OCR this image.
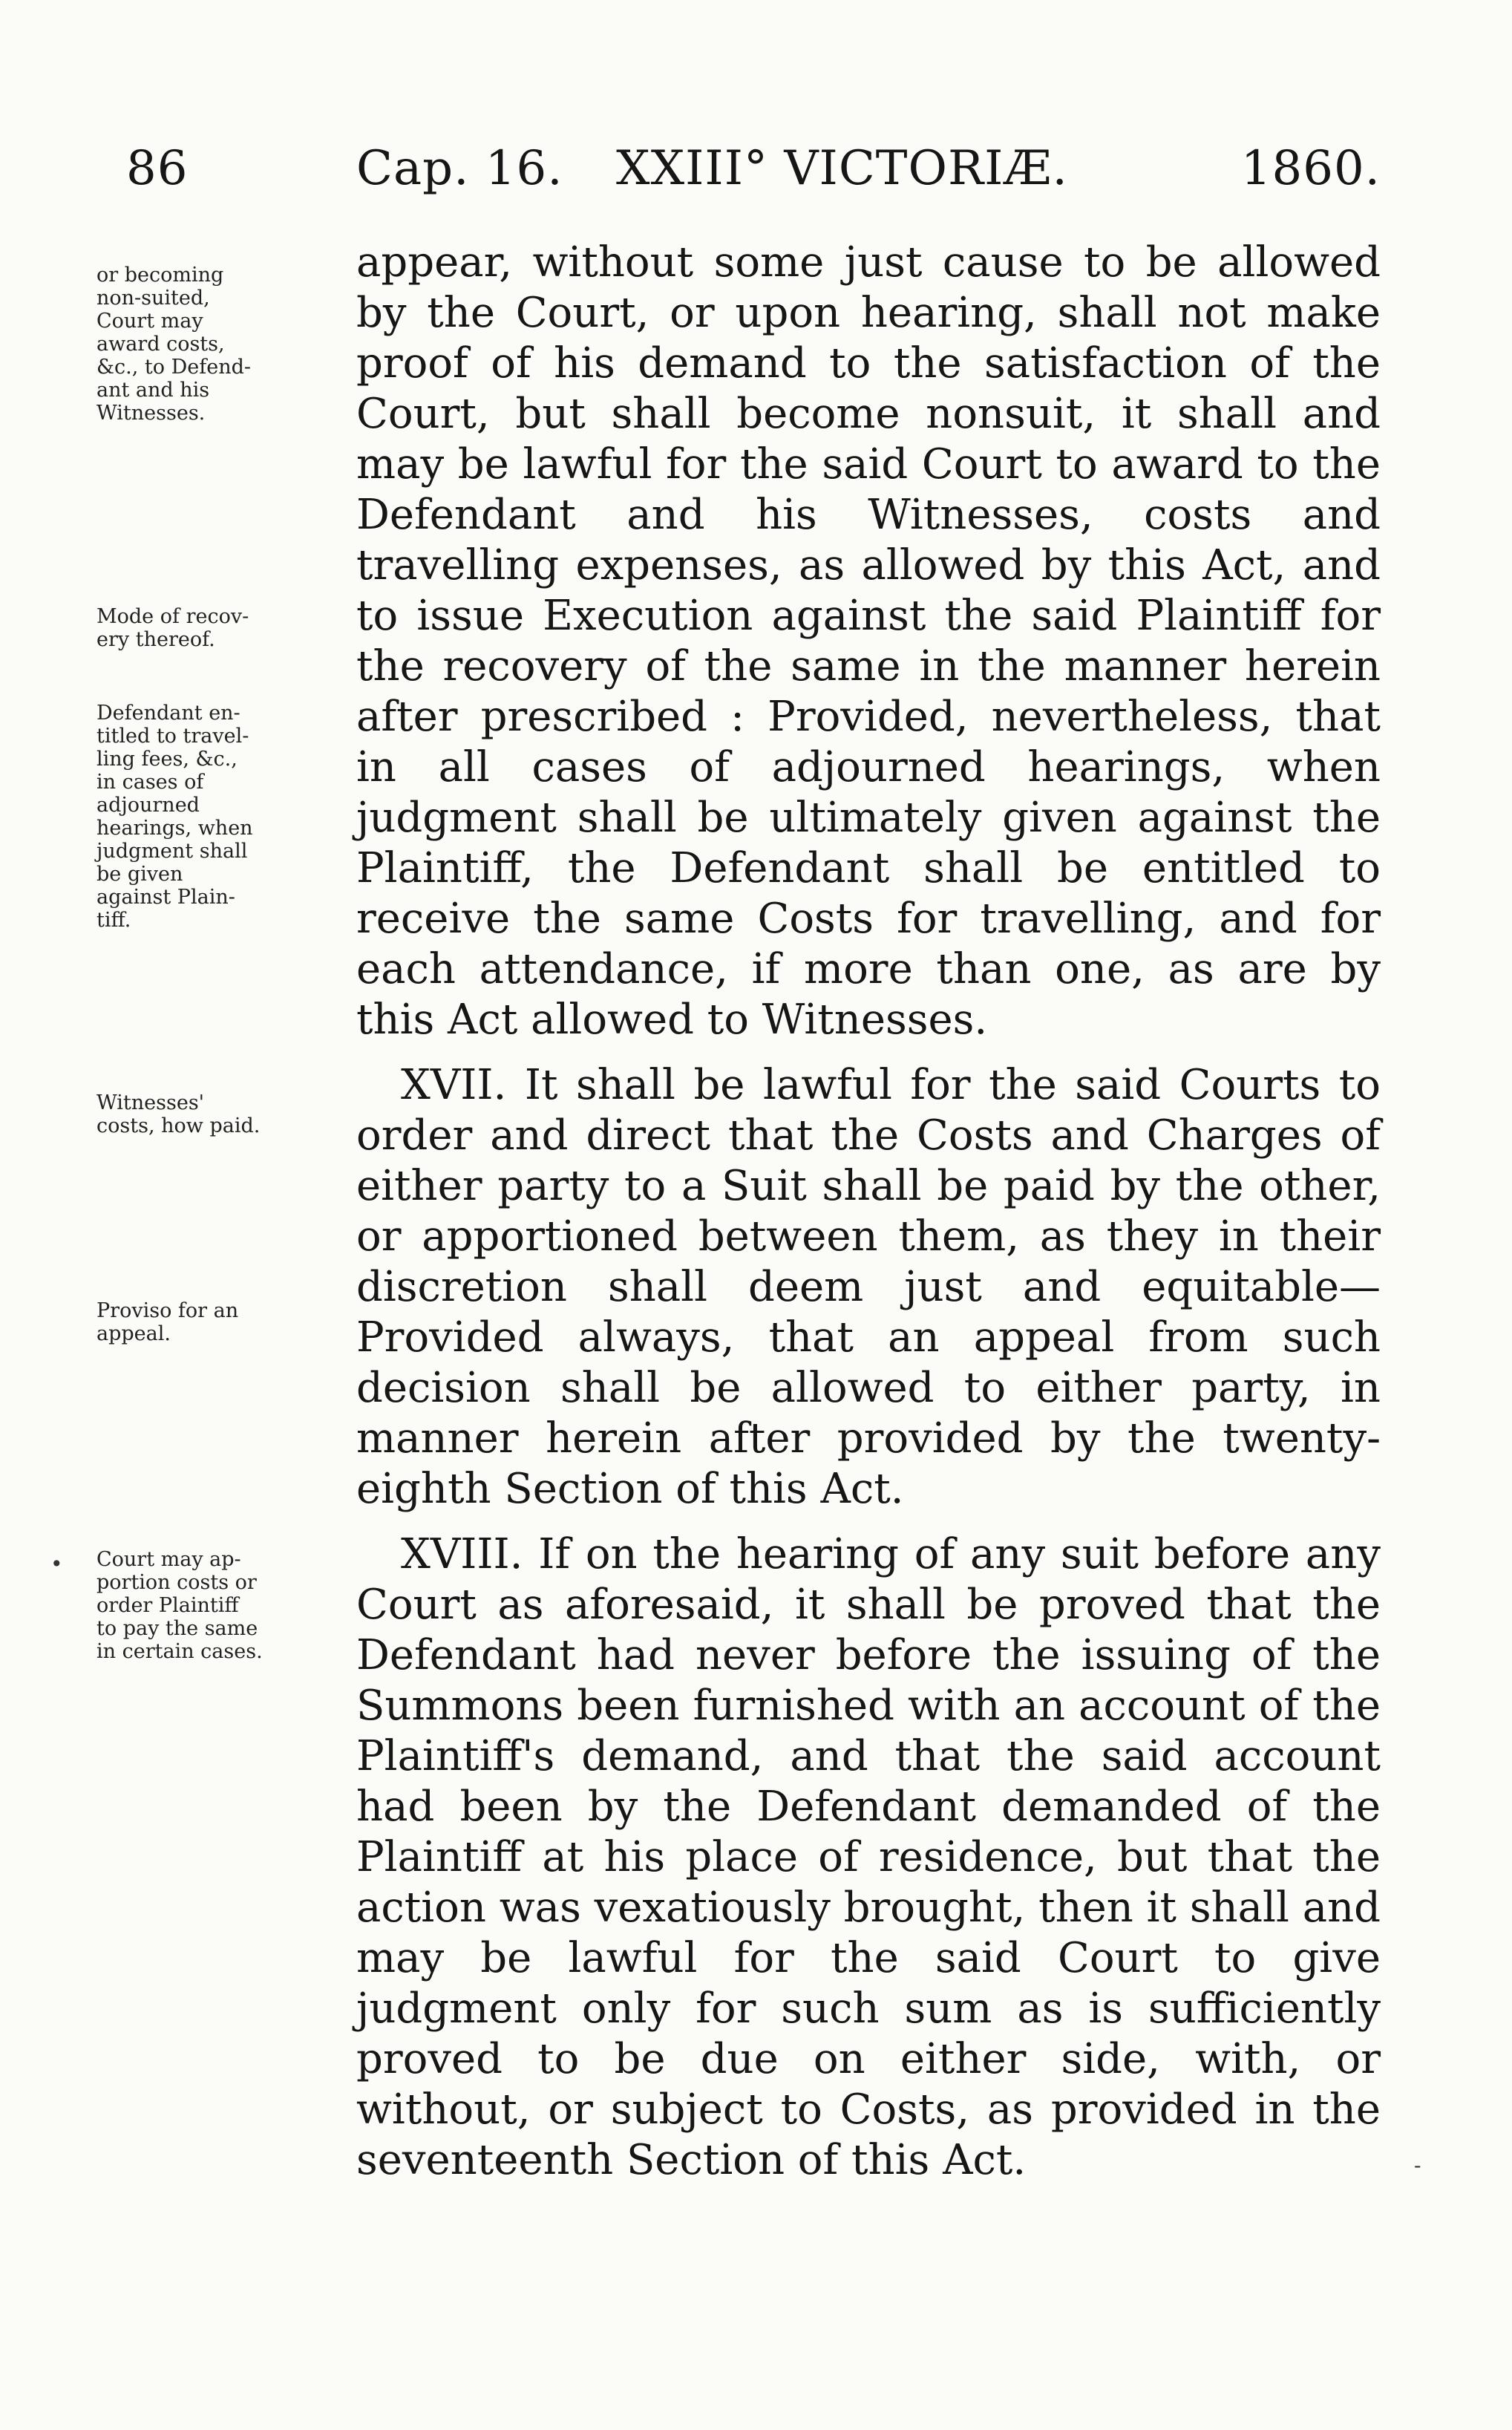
86	Cap. 16. XXIII° VICTORIÆ.	1860.
or becoming
non-suited,
Court may
award costs,
&c., to Defend-
ant and his
Witnesses.
Mode of recov-
ery thereof.
Defendant en-
titled to travel-
ling fees, &c.,
in cases of
adjourned
hearings, when
judgment shall
be given
against Plain-
tiff.
Witnesses'
costs, how paid.
Proviso for an
appeal.
Court may ap-
portion costs or
order Plaintiff
to pay the same
in certain cases.
•
-

appear, without some just cause to be allowed by the Court, or upon hearing, shall not make proof of his demand to the satisfaction of the Court, but shall become nonsuit, it shall and may be lawful for the said Court to award to the Defendant and his Witnesses, costs and travelling expenses, as allowed by this Act, and to issue Execution against the said Plaintiff for the recovery of the same in the manner herein after prescribed : Provided, nevertheless, that in all cases of adjourned hearings, when judgment shall be ultimately given against the Plaintiff, the Defendant shall be entitled to receive the same Costs for travelling, and for each attendance, if more than one, as are by this Act allowed to Witnesses.

XVII. It shall be lawful for the said Courts to order and direct that the Costs and Charges of either party to a Suit shall be paid by the other, or apportioned between them, as they in their discretion shall deem just and equitable— Provided always, that an appeal from such decision shall be allowed to either party, in manner herein after provided by the twenty-eighth Section of this Act.

XVIII. If on the hearing of any suit before any Court as aforesaid, it shall be proved that the Defendant had never before the issuing of the Summons been furnished with an account of the Plaintiff's demand, and that the said account had been by the Defendant demanded of the Plaintiff at his place of residence, but that the action was vexatiously brought, then it shall and may be lawful for the said Court to give judgment only for such sum as is sufficiently proved to be due on either side, with, or without, or subject to Costs, as provided in the seventeenth Section of this Act.
